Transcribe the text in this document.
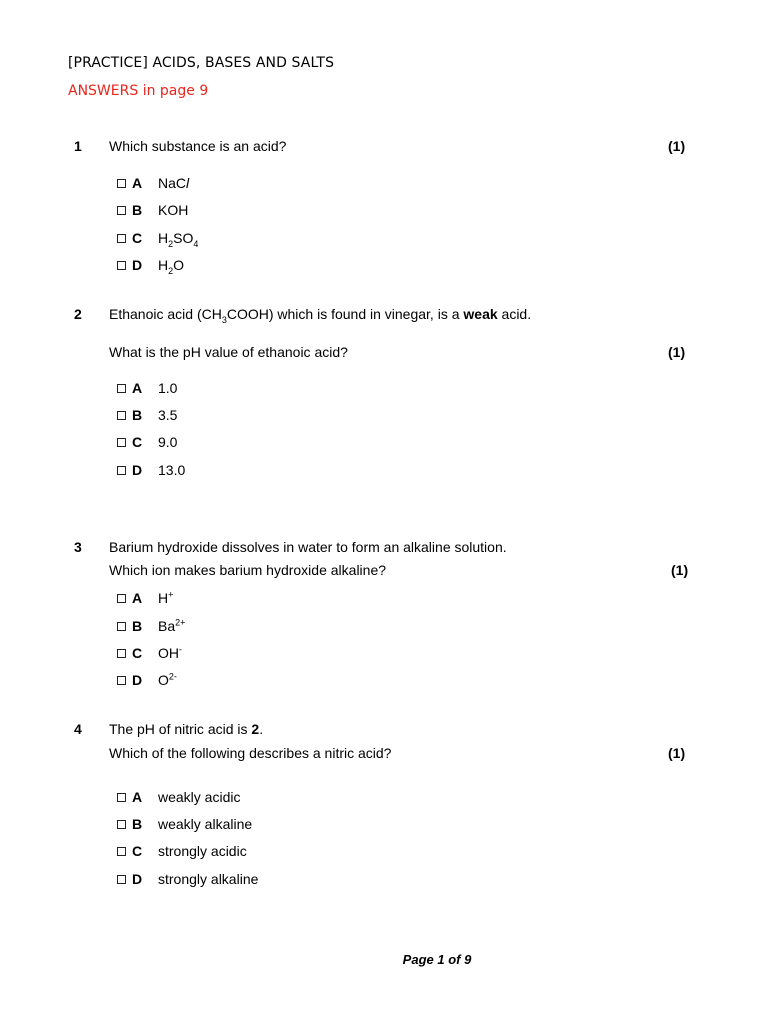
[PRACTICE] ACIDS, BASES AND SALTS
ANSWERS in page 9
1 Which substance is an acid?	(1)
A	NaCl
B	KOH
C	$H_2SO_4$
D	$H_2O$
2 Ethanoic acid $(CH_3COOH)$ which is found in vinegar, is a weak acid.
What is the pH value of ethanoic acid?	(1)
A	1.0
B	3.5
C	9.0
D	13.0
3 Barium hydroxide dissolves in water to form an alkaline solution.
Which ion makes barium hydroxide alkaline?	(1)
A	H+
B	$Ba^{2+}$
C	OH-
D	$O^{2-}$
4 The pH of nitric acid is 2.
Which of the following describes a nitric acid?	(1)
A	weakly acidic
B	weakly alkaline
C	strongly acidic
D	strongly alkaline
Page 1 of 9
